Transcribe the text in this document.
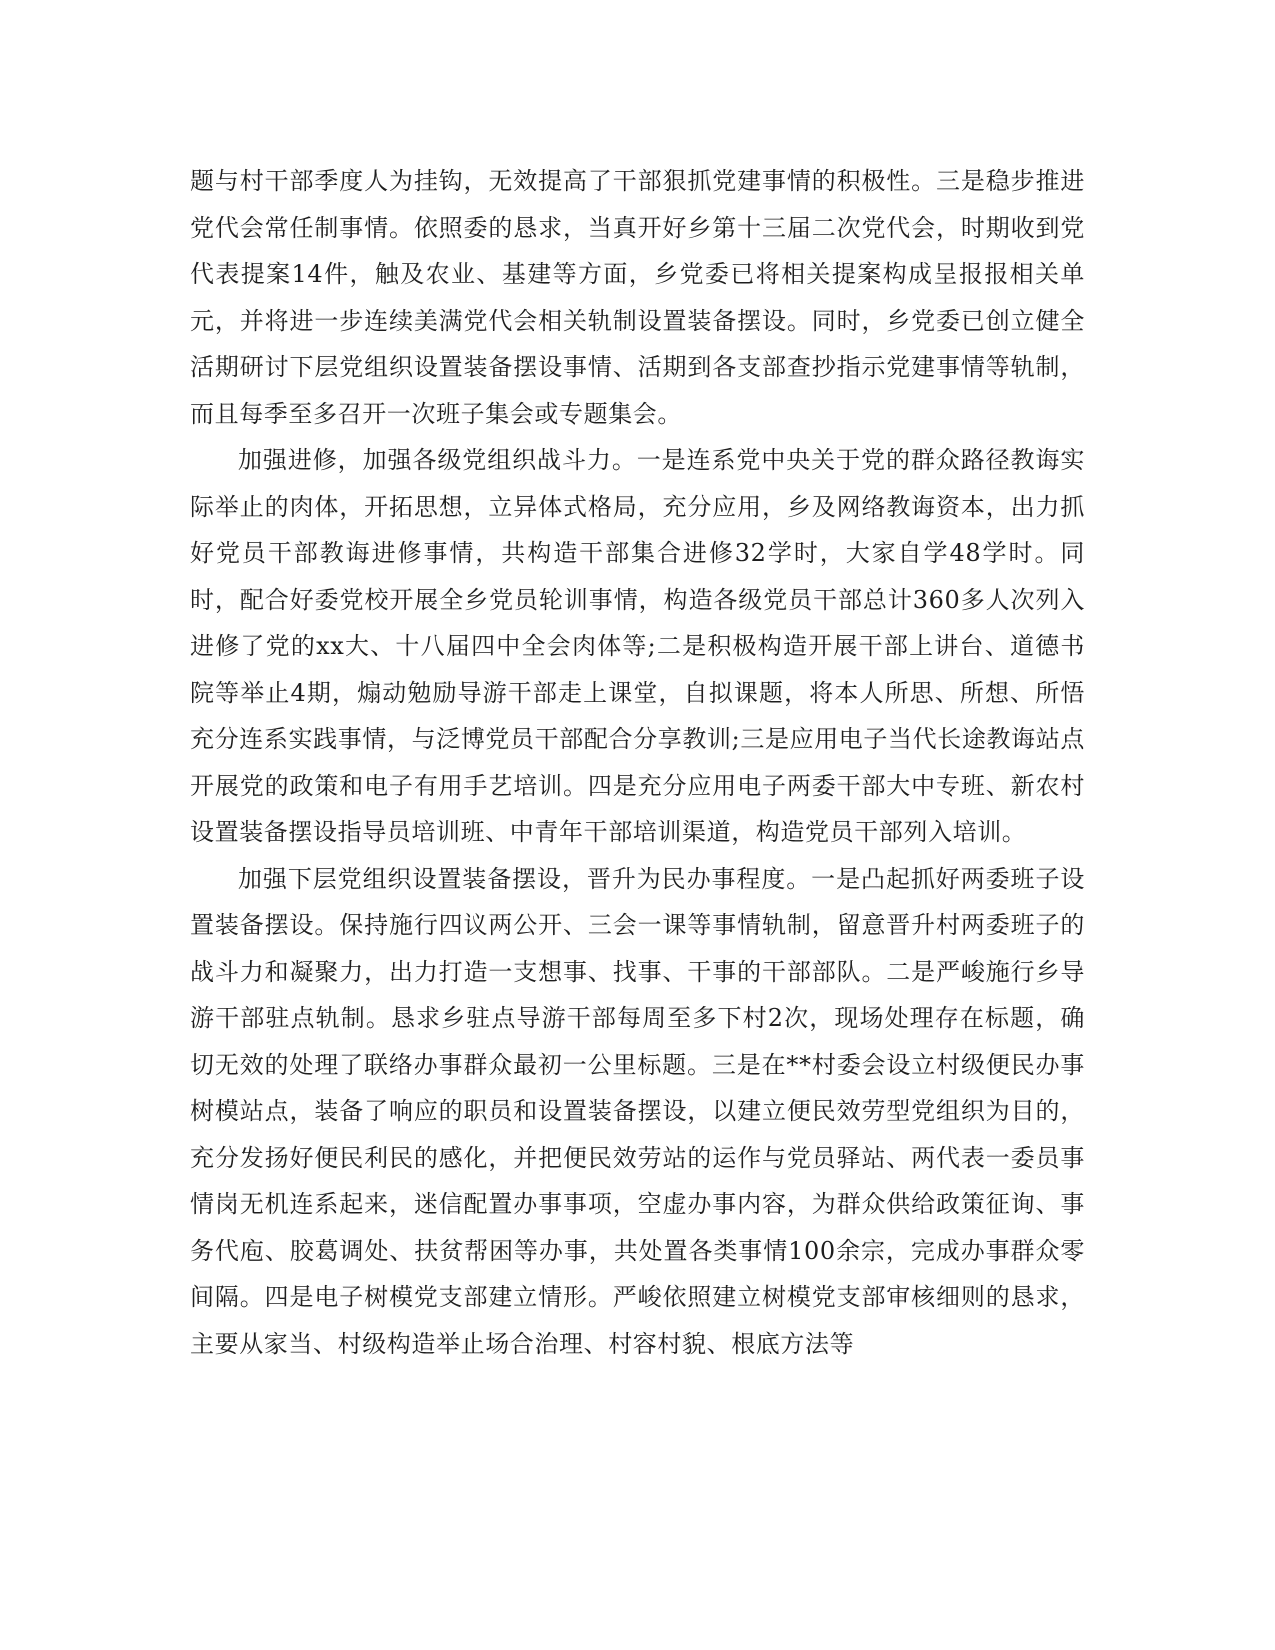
题与村干部季度人为挂钩，无效提高了干部狠抓党建事情的积极性。三是稳步推进党代会常任制事情。依照委的恳求，当真开好乡第十三届二次党代会，时期收到党代表提案14件，触及农业、基建等方面，乡党委已将相关提案构成呈报报相关单元，并将进一步连续美满党代会相关轨制设置装备摆设。同时，乡党委已创立健全活期研讨下层党组织设置装备摆设事情、活期到各支部查抄指示党建事情等轨制，而且每季至多召开一次班子集会或专题集会。

加强进修，加强各级党组织战斗力。一是连系党中央关于党的群众路径教诲实际举止的肉体，开拓思想，立异体式格局，充分应用，乡及网络教诲资本，出力抓好党员干部教诲进修事情，共构造干部集合进修32学时，大家自学48学时。同时，配合好委党校开展全乡党员轮训事情，构造各级党员干部总计360多人次列入进修了党的xx大、十八届四中全会肉体等;二是积极构造开展干部上讲台、道德书院等举止4期，煽动勉励导游干部走上课堂，自拟课题，将本人所思、所想、所悟充分连系实践事情，与泛博党员干部配合分享教训;三是应用电子当代长途教诲站点开展党的政策和电子有用手艺培训。四是充分应用电子两委干部大中专班、新农村设置装备摆设指导员培训班、中青年干部培训渠道，构造党员干部列入培训。

加强下层党组织设置装备摆设，晋升为民办事程度。一是凸起抓好两委班子设置装备摆设。保持施行四议两公开、三会一课等事情轨制，留意晋升村两委班子的战斗力和凝聚力，出力打造一支想事、找事、干事的干部部队。二是严峻施行乡导游干部驻点轨制。恳求乡驻点导游干部每周至多下村2次，现场处理存在标题，确切无效的处理了联络办事群众最初一公里标题。三是在**村委会设立村级便民办事树模站点，装备了响应的职员和设置装备摆设，以建立便民效劳型党组织为目的，充分发扬好便民利民的感化，并把便民效劳站的运作与党员驿站、两代表一委员事情岗无机连系起来，迷信配置办事事项，空虚办事内容，为群众供给政策征询、事务代庖、胶葛调处、扶贫帮困等办事，共处置各类事情100余宗，完成办事群众零间隔。四是电子树模党支部建立情形。严峻依照建立树模党支部审核细则的恳求，主要从家当、村级构造举止场合治理、村容村貌、根底方法等
